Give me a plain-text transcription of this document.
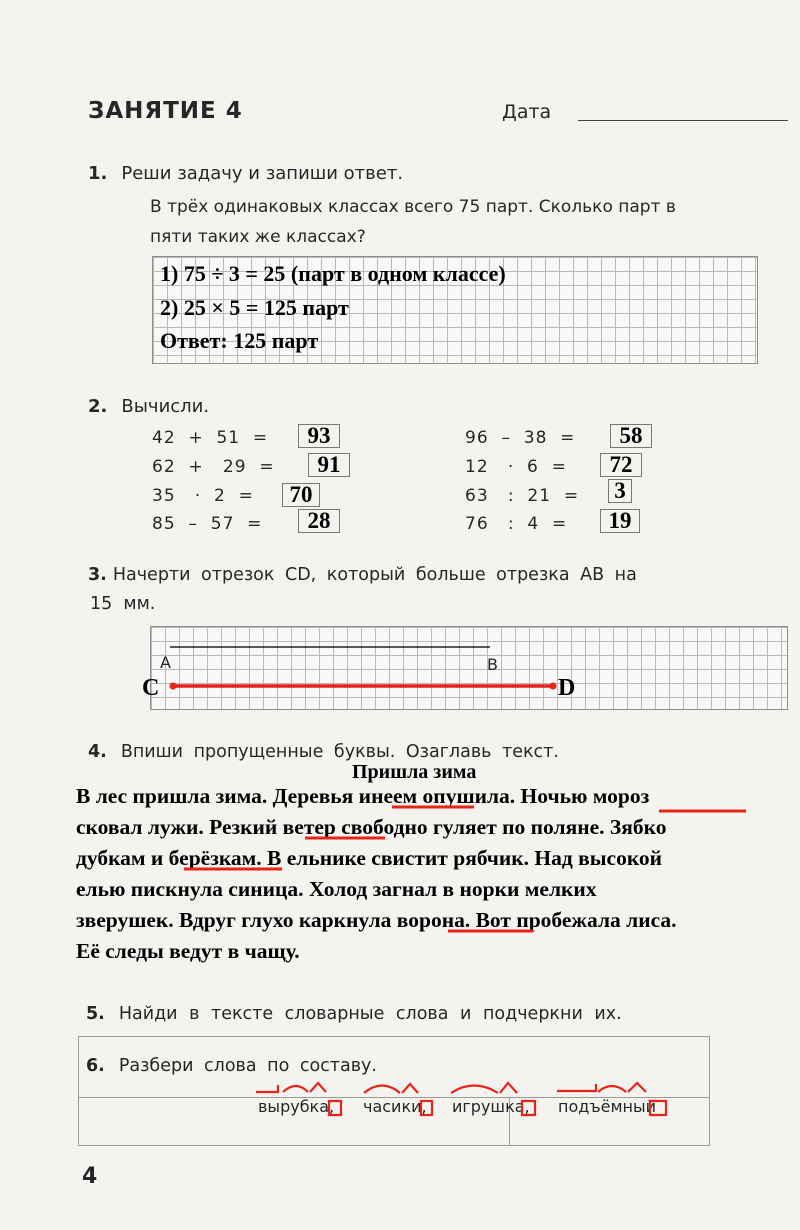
ЗАНЯТИЕ 4	Дата
1. Реши задачу и запиши ответ.
В трёх одинаковых классах всего 75 парт. Сколько парт в
пяти таких же классах?
1) 75 ÷ 3 = 25 (парт в одном классе)
2) 25 × 5 = 125 парт
Ответ: 125 парт
2. Вычисли.
42  +  51  =	93
62  +   29  =	91
35   ·  2  =	70
85  –  57  =	28
96  –  38  =	58
12   ·  6  =	72
63   :  21  = 3
76   :  4  =	19
3. Начерти отрезок CD, который больше отрезка AB на
15  мм.
A	B
C	D
4. Впиши пропущенные буквы. Озаглавь текст.
Пришла зима
В лес пришла зима. Деревья инеем опушила. Ночью мороз
сковал лужи. Резкий ветер свободно гуляет по поляне. Зябко
дубкам и берёзкам. В ельнике свистит рябчик. Над высокой
елью пискнула синица. Холод загнал в норки мелких
зверушек. Вдруг глухо каркнула ворона. Вот пробежала лиса.
Её следы ведут в чащу.
5. Найди в тексте словарные слова и подчеркни их.
6. Разбери слова по составу.
вырубка, часики, игрушка, подъёмный
4
